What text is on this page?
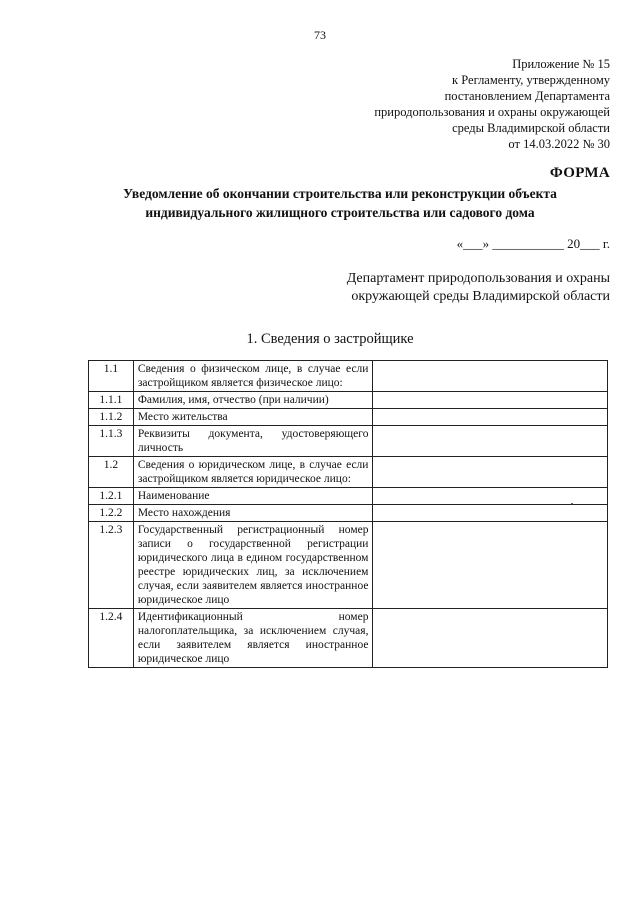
73
Приложение № 15
к Регламенту, утвержденному
постановлением Департамента
природопользования и охраны окружающей
среды Владимирской области
от 14.03.2022 № 30
ФОРМА
Уведомление об окончании строительства или реконструкции объекта
индивидуального жилищного строительства или садового дома
«___» ___________ 20___ г.
Департамент природопользования и охраны
окружающей среды Владимирской области
1. Сведения о застройщике
1.1	Сведения о физическом лице, в случае если застройщиком является физическое лицо:	
1.1.1	Фамилия, имя, отчество (при наличии)	
1.1.2	Место жительства	
1.1.3	Реквизиты документа, удостоверяющего личность	
1.2	Сведения о юридическом лице, в случае если застройщиком является юридическое лицо:	
1.2.1	Наименование	
1.2.2	Место нахождения	
1.2.3	Государственный регистрационный номер записи о государственной регистрации юридического лица в едином государственном реестре юридических лиц, за исключением случая, если заявителем является иностранное юридическое лицо	
1.2.4	Идентификационный номер налогоплательщика, за исключением случая, если заявителем является иностранное юридическое лицо	
